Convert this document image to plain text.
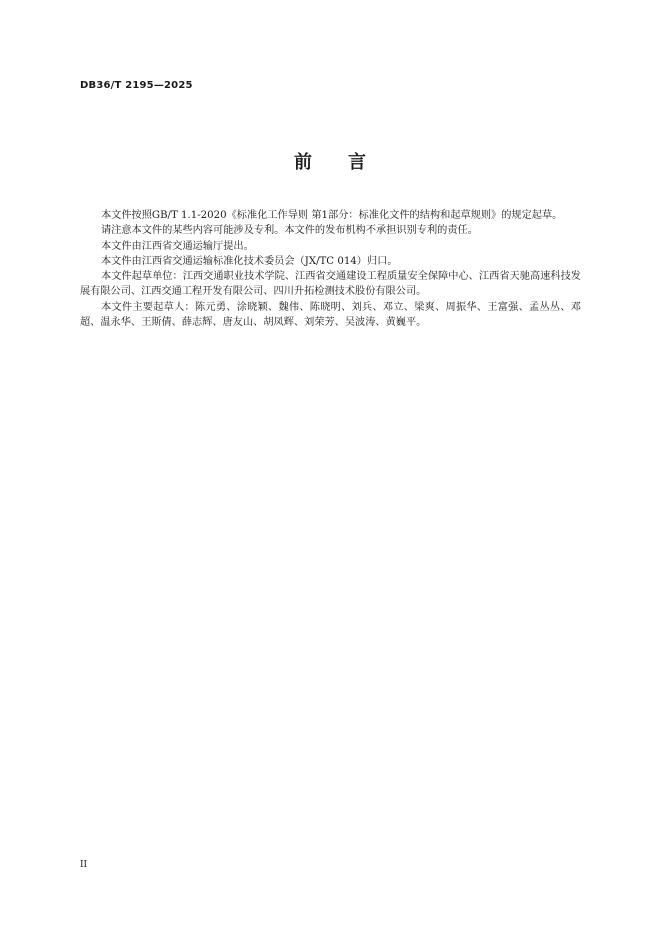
DB36/T 2195—2025
前 言

本文件按照GB/T 1.1-2020《标准化工作导则 第1部分：标准化文件的结构和起草规则》的规定起草。

请注意本文件的某些内容可能涉及专利。本文件的发布机构不承担识别专利的责任。

本文件由江西省交通运输厅提出。

本文件由江西省交通运输标准化技术委员会（JX/TC 014）归口。

本文件起草单位：江西交通职业技术学院、江西省交通建设工程质量安全保障中心、江西省天驰高速科技发展有限公司、江西交通工程开发有限公司、四川升拓检测技术股份有限公司。

本文件主要起草人：陈元勇、涂晓颖、魏伟、陈晓明、刘兵、邓立、梁爽、周振华、王富强、孟丛丛、邓超、温永华、王斯倩、薛志辉、唐友山、胡凤辉、刘荣芳、吴波涛、黄巍平。

II
